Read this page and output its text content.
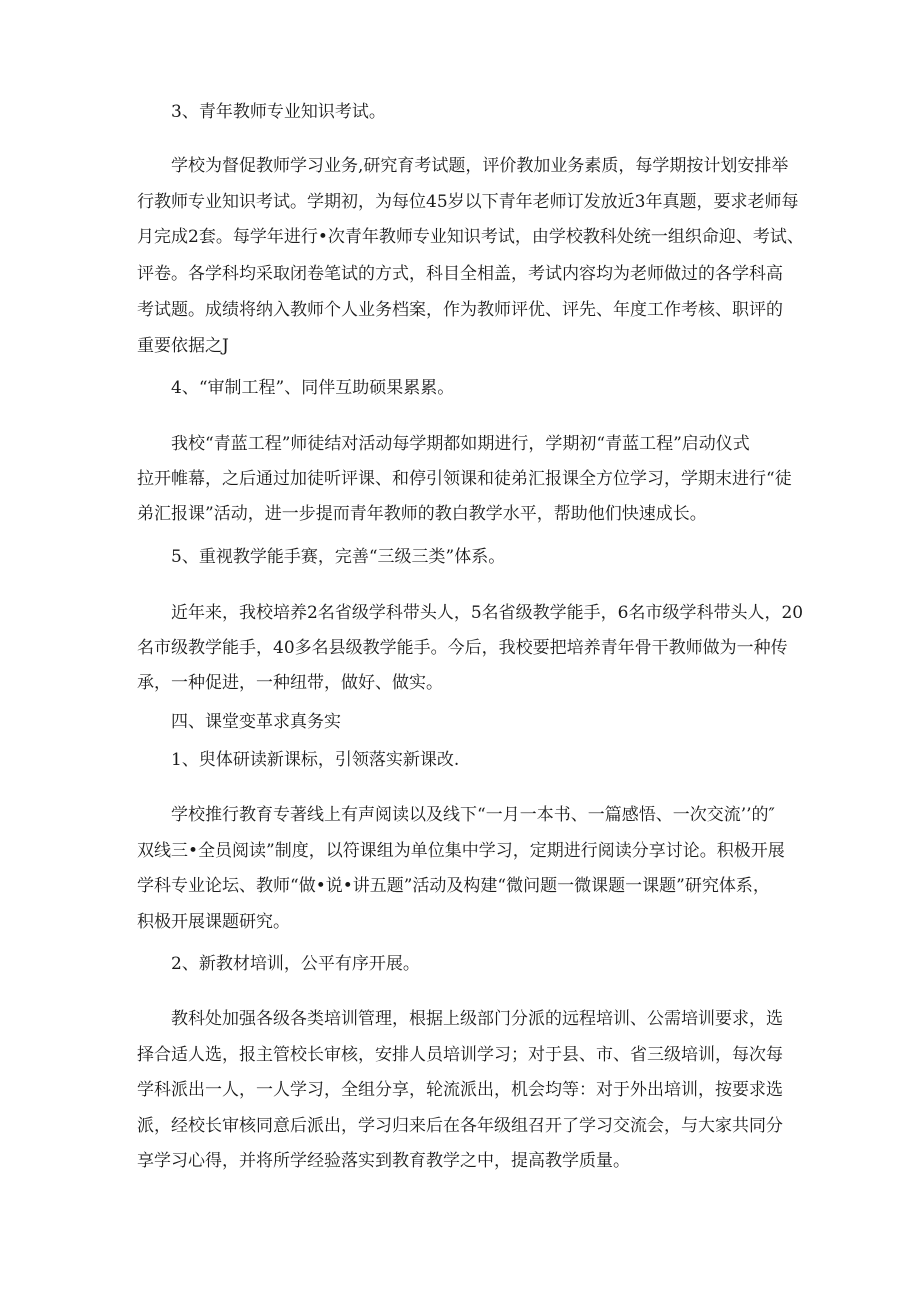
3、青年教师专业知识考试。
学校为督促教师学习业务,研究育考试题，评价教加业务素质，每学期按计划安排举
行教师专业知识考试。学期初，为每位45岁以下青年老师订发放近3年真题，要求老师每
月完成2套。每学年进行•次青年教师专业知识考试，由学校教科处统一组织命迎、考试、
评卷。各学科均采取闭卷笔试的方式，科目全相盖，考试内容均为老师做过的各学科高
考试题。成绩将纳入教师个人业务档案，作为教师评优、评先、年度工作考核、职评的
重要依据之J
4、“审制工程”、同伴互助硕果累累。
我校“青蓝工程”师徒结对活动每学期都如期进行，学期初“青蓝工程”启动仪式
拉开帷幕，之后通过加徒听评课、和停引领课和徒弟汇报课全方位学习，学期末进行“徒
弟汇报课”活动，进一步提而青年教师的教白教学水平，帮助他们快速成长。
5、重视教学能手赛，完善“三级三类”体系。
近年来，我校培养2名省级学科带头人，5名省级教学能手，6名市级学科带头人，20
名市级教学能手，40多名县级教学能手。今后，我校要把培养青年骨干教师做为一种传
承，一种促进，一种纽带，做好、做实。
四、课堂变革求真务实
1、臾体研读新课标，引领落实新课改.
学校推行教育专著线上有声阅读以及线下“一月一本书、一篇感悟、一次交流’’的″
双线三•全员阅读”制度，以符课组为单位集中学习，定期进行阅读分享讨论。积极开展
学科专业论坛、教师“做•说•讲五题”活动及构建“微问题一微课题一课题”研究体系，
积极开展课题研究。
2、新教材培训，公平有序开展。
教科处加强各级各类培训管理，根据上级部门分派的远程培训、公需培训要求，选
择合适人选，报主管校长审核，安排人员培训学习；对于县、市、省三级培训，每次每
学科派出一人，一人学习，全组分享，轮流派出，机会均等：对于外出培训，按要求选
派，经校长审核同意后派出，学习归来后在各年级组召开了学习交流会，与大家共同分
享学习心得，并将所学经验落实到教育教学之中，提高教学质量。
